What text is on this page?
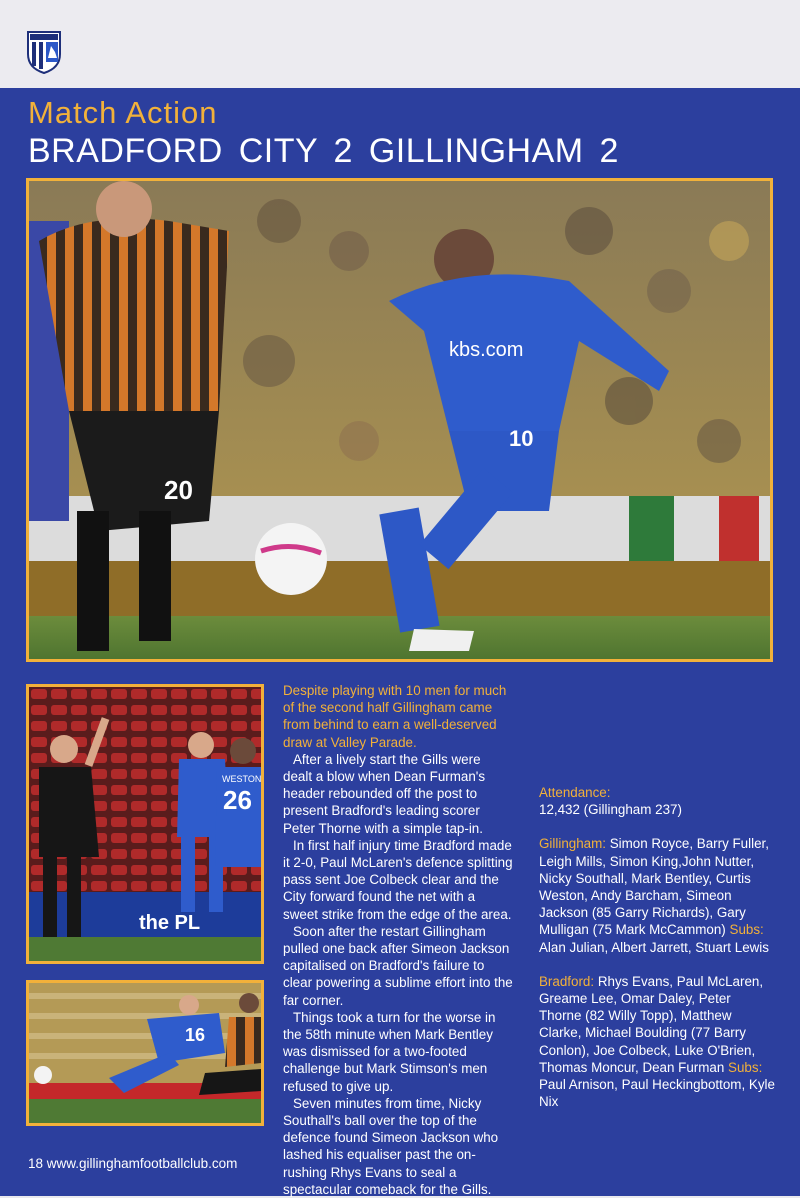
Match Action
BRADFORD CITY 2 GILLINGHAM 2
20
kbs.com
10
the PL
WESTON
26
16

Despite playing with 10 men for much of the second half Gillingham came from behind to earn a well-deserved draw at Valley Parade.

After a lively start the Gills were dealt a blow when Dean Furman's header rebounded off the post to present Bradford's leading scorer Peter Thorne with a simple tap-in.

In first half injury time Bradford made it 2-0, Paul McLaren's defence splitting pass sent Joe Colbeck clear and the City forward found the net with a sweet strike from the edge of the area.

Soon after the restart Gillingham pulled one back after Simeon Jackson capitalised on Bradford's failure to clear powering a sublime effort into the far corner.

Things took a turn for the worse in the 58th minute when Mark Bentley was dismissed for a two-footed challenge but Mark Stimson's men refused to give up.

Seven minutes from time, Nicky Southall's ball over the top of the defence found Simeon Jackson who lashed his equaliser past the on-rushing Rhys Evans to seal a spectacular comeback for the Gills.

Attendance:

12,432 (Gillingham 237)

Gillingham: Simon Royce, Barry Fuller, Leigh Mills, Simon King,John Nutter, Nicky Southall, Mark Bentley, Curtis Weston, Andy Barcham, Simeon Jackson (85 Garry Richards), Gary Mulligan (75 Mark McCammon) Subs: Alan Julian, Albert Jarrett, Stuart Lewis

Bradford: Rhys Evans, Paul McLaren, Greame Lee, Omar Daley, Peter Thorne (82 Willy Topp), Matthew Clarke, Michael Boulding (77 Barry Conlon), Joe Colbeck, Luke O'Brien, Thomas Moncur, Dean Furman Subs: Paul Arnison, Paul Heckingbottom, Kyle Nix

18 www.gillinghamfootballclub.com
